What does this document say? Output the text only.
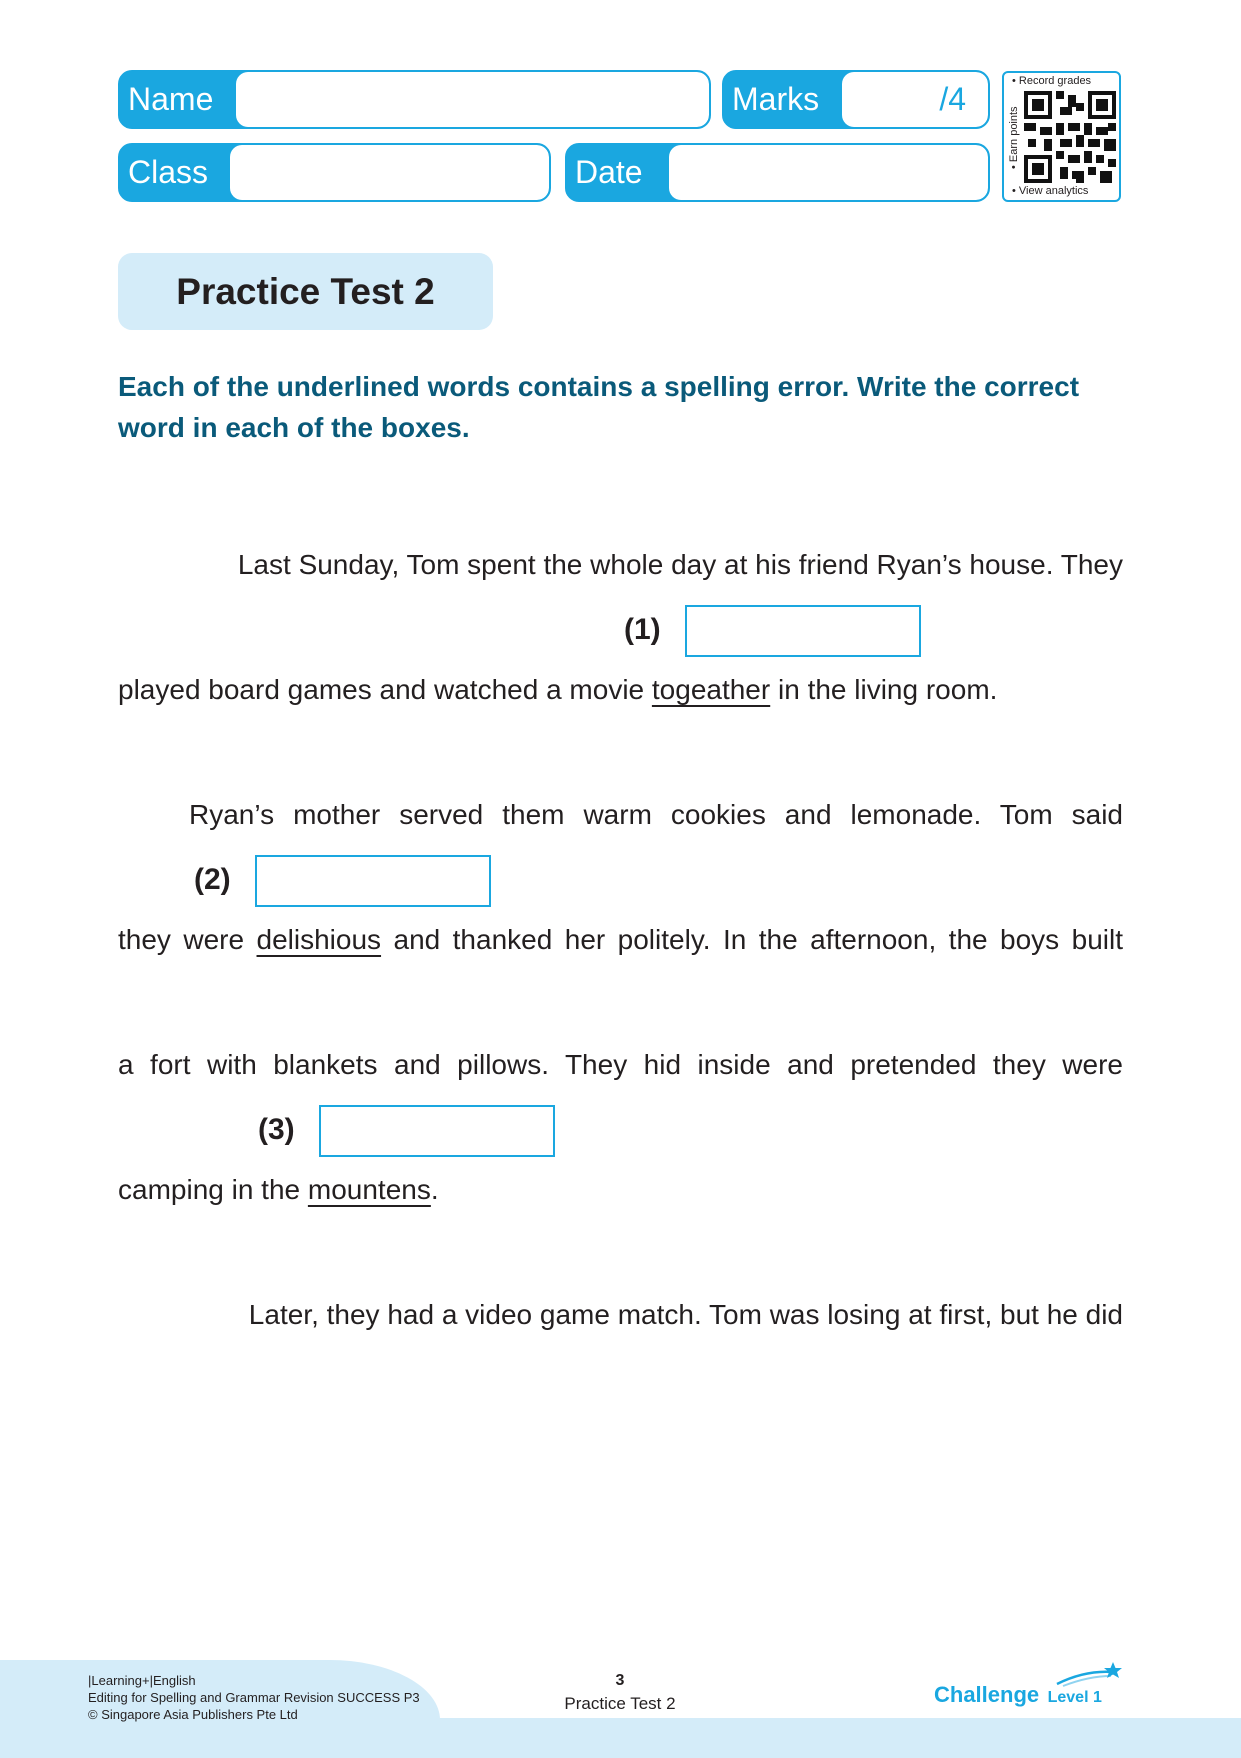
Name	Marks	/4
Class	Date
• Record grades
• Earn points
• View analytics
Practice Test 2
Each of the underlined words contains a spelling error. Write the correct word in each of the boxes.
Last Sunday, Tom spent the whole day at his friend Ryan’s house. They
(1)
played board games and watched a movie togeather in the living room.
Ryan’s mother served them warm cookies and lemonade. Tom said
(2)
they were delishious and thanked her politely. In the afternoon, the boys built
a fort with blankets and pillows. They hid inside and pretended they were
(3)
camping in the mountens.
Later, they had a video game match. Tom was losing at first, but he did
|Learning+|English
Editing for Spelling and Grammar Revision SUCCESS P3
© Singapore Asia Publishers Pte Ltd
3
Practice Test 2	Challenge Level 1
